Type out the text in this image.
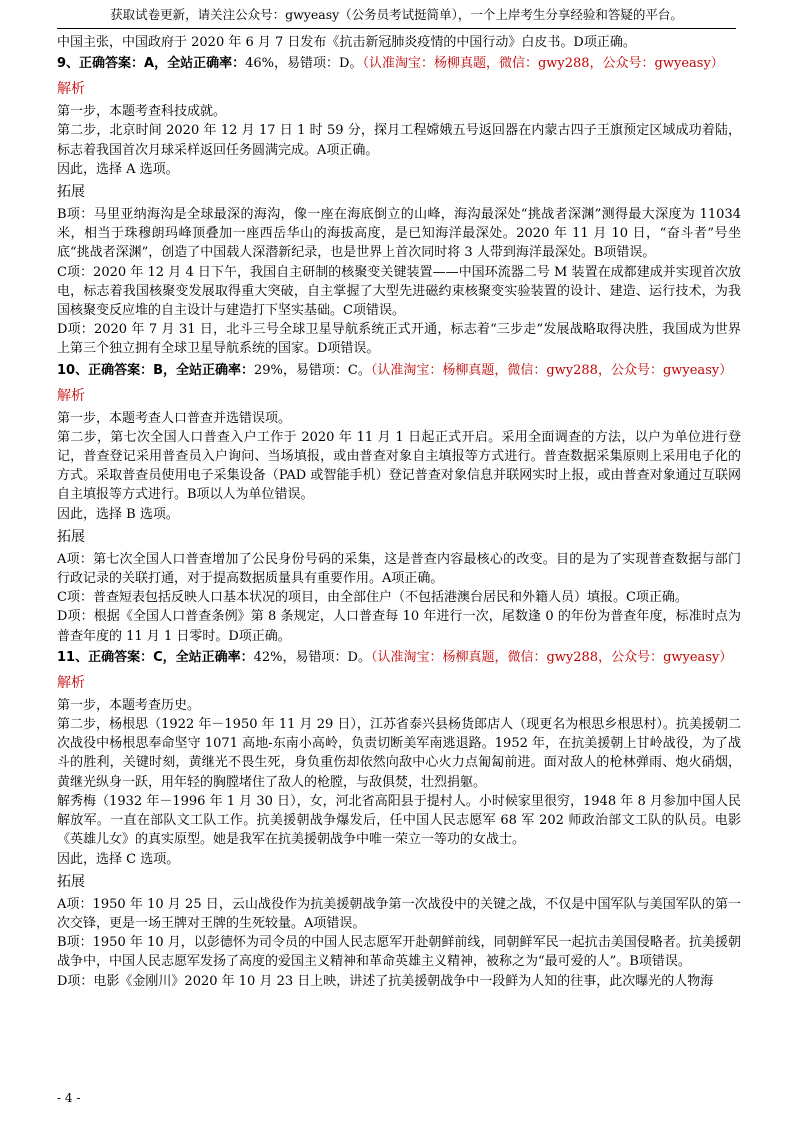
获取试卷更新，请关注公众号：gwyeasy（公务员考试挺简单），一个上岸考生分享经验和答疑的平台。

中国主张，中国政府于 2020 年 6 月 7 日发布《抗击新冠肺炎疫情的中国行动》白皮书。D项正确。

9、正确答案：A，全站正确率：46%，易错项：D。（认准淘宝：杨柳真题，微信：gwy288，公众号：gwyeasy）

解析

第一步，本题考查科技成就。

第二步，北京时间 2020 年 12 月 17 日 1 时 59 分，探月工程嫦娥五号返回器在内蒙古四子王旗预定区域成功着陆，标志着我国首次月球采样返回任务圆满完成。A项正确。

因此，选择 A 选项。

拓展

B项：马里亚纳海沟是全球最深的海沟，像一座在海底倒立的山峰，海沟最深处“挑战者深渊”测得最大深度为 11034 米，相当于珠穆朗玛峰顶叠加一座西岳华山的海拔高度，是已知海洋最深处。2020 年 11 月 10 日，“奋斗者”号坐底“挑战者深渊”，创造了中国载人深潜新纪录，也是世界上首次同时将 3 人带到海洋最深处。B项错误。

C项：2020 年 12 月 4 日下午，我国自主研制的核聚变关键装置——中国环流器二号 M 装置在成都建成并实现首次放电，标志着我国核聚变发展取得重大突破，自主掌握了大型先进磁约束核聚变实验装置的设计、建造、运行技术，为我国核聚变反应堆的自主设计与建造打下坚实基础。C项错误。

D项：2020 年 7 月 31 日，北斗三号全球卫星导航系统正式开通，标志着“三步走”发展战略取得决胜，我国成为世界上第三个独立拥有全球卫星导航系统的国家。D项错误。

10、正确答案：B，全站正确率：29%，易错项：C。（认准淘宝：杨柳真题，微信：gwy288，公众号：gwyeasy）

解析

第一步，本题考查人口普查并选错误项。

第二步，第七次全国人口普查入户工作于 2020 年 11 月 1 日起正式开启。采用全面调查的方法，以户为单位进行登记，普查登记采用普查员入户询问、当场填报，或由普查对象自主填报等方式进行。普查数据采集原则上采用电子化的方式。采取普查员使用电子采集设备（PAD 或智能手机）登记普查对象信息并联网实时上报，或由普查对象通过互联网自主填报等方式进行。B项以人为单位错误。

因此，选择 B 选项。

拓展

A项：第七次全国人口普查增加了公民身份号码的采集，这是普查内容最核心的改变。目的是为了实现普查数据与部门行政记录的关联打通，对于提高数据质量具有重要作用。A项正确。

C项：普查短表包括反映人口基本状况的项目，由全部住户（不包括港澳台居民和外籍人员）填报。C项正确。

D项：根据《全国人口普查条例》第 8 条规定，人口普查每 10 年进行一次，尾数逢 0 的年份为普查年度，标准时点为普查年度的 11 月 1 日零时。D项正确。

11、正确答案：C，全站正确率：42%，易错项：D。（认准淘宝：杨柳真题，微信：gwy288，公众号：gwyeasy）

解析

第一步，本题考查历史。

第二步，杨根思（1922 年－1950 年 11 月 29 日），江苏省泰兴县杨货郎店人（现更名为根思乡根思村）。抗美援朝二次战役中杨根思奉命坚守 1071 高地-东南小高岭，负责切断美军南逃退路。1952 年，在抗美援朝上甘岭战役，为了战斗的胜利，关键时刻，黄继光不畏生死，身负重伤却依然向敌中心火力点匍匐前进。面对敌人的枪林弹雨、炮火硝烟，黄继光纵身一跃，用年轻的胸膛堵住了敌人的枪膛，与敌俱焚，壮烈捐躯。

解秀梅（1932 年－1996 年 1 月 30 日），女，河北省高阳县于提村人。小时候家里很穷，1948 年 8 月参加中国人民解放军。一直在部队文工队工作。抗美援朝战争爆发后，任中国人民志愿军 68 军 202 师政治部文工队的队员。电影《英雄儿女》的真实原型。她是我军在抗美援朝战争中唯一荣立一等功的女战士。

因此，选择 C 选项。

拓展

A项：1950 年 10 月 25 日，云山战役作为抗美援朝战争第一次战役中的关键之战，不仅是中国军队与美国军队的第一次交锋，更是一场王牌对王牌的生死较量。A项错误。

B项：1950 年 10 月，以彭德怀为司令员的中国人民志愿军开赴朝鲜前线，同朝鲜军民一起抗击美国侵略者。抗美援朝战争中，中国人民志愿军发扬了高度的爱国主义精神和革命英雄主义精神，被称之为“最可爱的人”。B项错误。

D项：电影《金刚川》2020 年 10 月 23 日上映，讲述了抗美援朝战争中一段鲜为人知的往事，此次曝光的人物海

- 4 -
